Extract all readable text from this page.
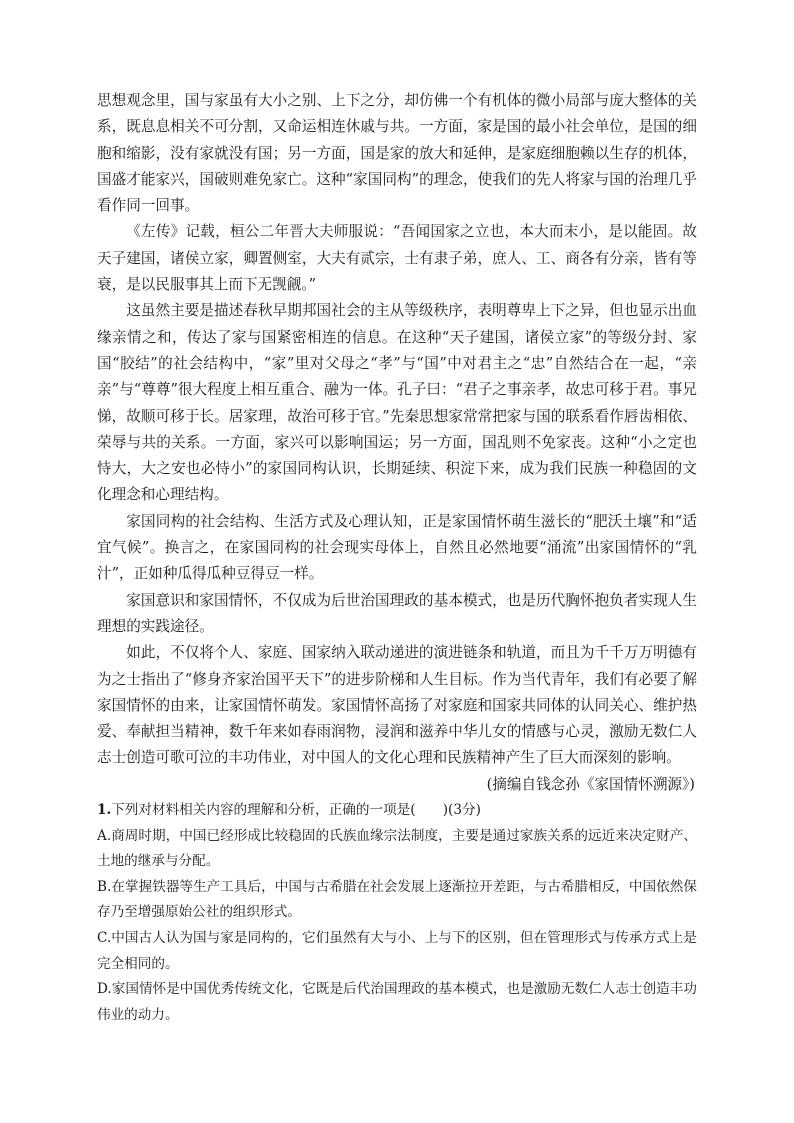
思想观念里，国与家虽有大小之别、上下之分，却仿佛一个有机体的微小局部与庞大整体的关系，既息息相关不可分割，又命运相连休戚与共。一方面，家是国的最小社会单位，是国的细胞和缩影，没有家就没有国；另一方面，国是家的放大和延伸，是家庭细胞赖以生存的机体，国盛才能家兴，国破则难免家亡。这种“家国同构”的理念，使我们的先人将家与国的治理几乎看作同一回事。

《左传》记载，桓公二年晋大夫师服说：“吾闻国家之立也，本大而末小，是以能固。故天子建国，诸侯立家，卿置侧室，大夫有贰宗，士有隶子弟，庶人、工、商各有分亲，皆有等衰，是以民服事其上而下无觊觎。”

这虽然主要是描述春秋早期邦国社会的主从等级秩序，表明尊卑上下之异，但也显示出血缘亲情之和，传达了家与国紧密相连的信息。在这种“天子建国，诸侯立家”的等级分封、家国“胶结”的社会结构中，“家”里对父母之“孝”与“国”中对君主之“忠”自然结合在一起，“亲亲”与“尊尊”很大程度上相互重合、融为一体。孔子曰：“君子之事亲孝，故忠可移于君。事兄悌，故顺可移于长。居家理，故治可移于官。”先秦思想家常常把家与国的联系看作唇齿相依、荣辱与共的关系。一方面，家兴可以影响国运；另一方面，国乱则不免家丧。这种“小之定也恃大，大之安也必恃小”的家国同构认识，长期延续、积淀下来，成为我们民族一种稳固的文化理念和心理结构。

家国同构的社会结构、生活方式及心理认知，正是家国情怀萌生滋长的“肥沃土壤”和“适宜气候”。换言之，在家国同构的社会现实母体上，自然且必然地要“涌流”出家国情怀的“乳汁”，正如种瓜得瓜种豆得豆一样。

家国意识和家国情怀，不仅成为后世治国理政的基本模式，也是历代胸怀抱负者实现人生理想的实践途径。

如此，不仅将个人、家庭、国家纳入联动递进的演进链条和轨道，而且为千千万万明德有为之士指出了“修身齐家治国平天下”的进步阶梯和人生目标。作为当代青年，我们有必要了解家国情怀的由来，让家国情怀萌发。家国情怀高扬了对家庭和国家共同体的认同关心、维护热爱、奉献担当精神，数千年来如春雨润物，浸润和滋养中华儿女的情感与心灵，激励无数仁人志士创造可歌可泣的丰功伟业，对中国人的文化心理和民族精神产生了巨大而深刻的影响。

(摘编自钱念孙《家国情怀溯源》)

1.下列对材料相关内容的理解和分析，正确的一项是(　　)(3分)

A.商周时期，中国已经形成比较稳固的氏族血缘宗法制度，主要是通过家族关系的远近来决定财产、土地的继承与分配。

B.在掌握铁器等生产工具后，中国与古希腊在社会发展上逐渐拉开差距，与古希腊相反，中国依然保存乃至增强原始公社的组织形式。

C.中国古人认为国与家是同构的，它们虽然有大与小、上与下的区别，但在管理形式与传承方式上是完全相同的。

D.家国情怀是中国优秀传统文化，它既是后代治国理政的基本模式，也是激励无数仁人志士创造丰功伟业的动力。
